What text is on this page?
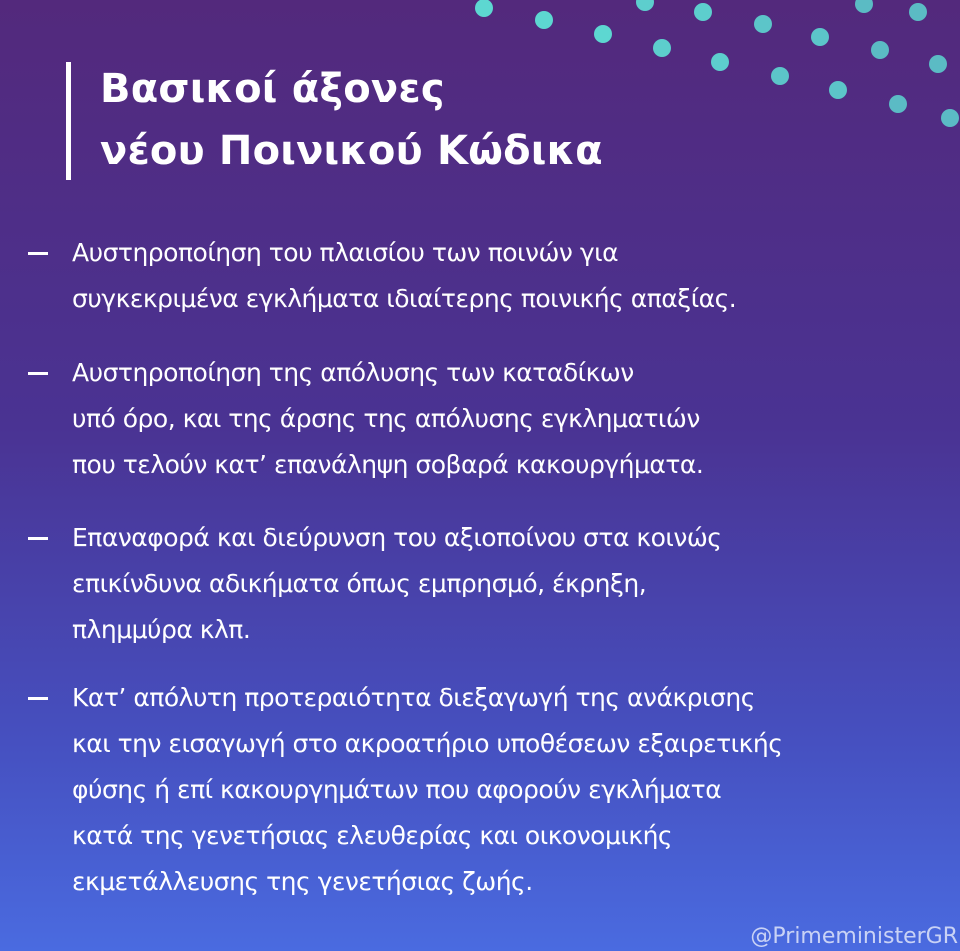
Βασικοί άξονες
νέου Ποινικού Κώδικα
Αυστηροποίηση του πλαισίου των ποινών για
συγκεκριμένα εγκλήματα ιδιαίτερης ποινικής απαξίας.
Αυστηροποίηση της απόλυσης των καταδίκων
υπό όρο, και της άρσης της απόλυσης εγκληματιών
που τελούν κατ’ επανάληψη σοβαρά κακουργήματα.
Επαναφορά και διεύρυνση του αξιοποίνου στα κοινώς
επικίνδυνα αδικήματα όπως εμπρησμό, έκρηξη,
πλημμύρα κλπ.
Κατ’ απόλυτη προτεραιότητα διεξαγωγή της ανάκρισης
και την εισαγωγή στο ακροατήριο υποθέσεων εξαιρετικής
φύσης ή επί κακουργημάτων που αφορούν εγκλήματα
κατά της γενετήσιας ελευθερίας και οικονομικής
εκμετάλλευσης της γενετήσιας ζωής.
@PrimeministerGR
